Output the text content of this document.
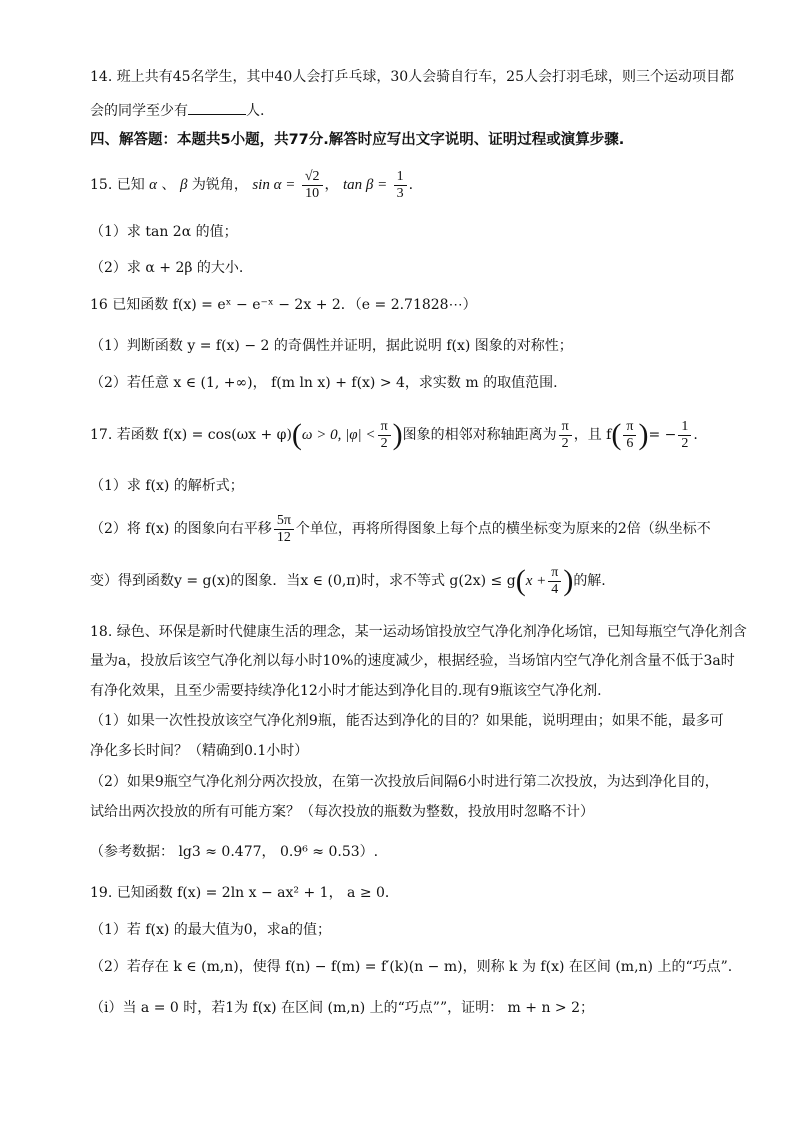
14. 班上共有45名学生，其中40人会打乒乓球，30人会骑自行车，25人会打羽毛球，则三个运动项目都
会的同学至少有	人.
四、解答题：本题共5小题，共77分.解答时应写出文字说明、证明过程或演算步骤.
15. 已知 α 、 β 为锐角， $\sin \alpha = \frac{√2}{10}$ ， $\tan \beta = \frac{1}{3}$ .
（1）求 tan 2α 的值；
（2）求 α + 2β 的大小.
16 已知函数 f(x) = eˣ − e⁻ˣ − 2x + 2．（e = 2.71828⋯）
（1）判断函数 y = f(x) − 2 的奇偶性并证明，据此说明 f(x) 图象的对称性；
（2）若任意 x ∈ (1, +∞)， f(m ln x) + f(x) > 4，求实数 m 的取值范围.
17. 若函数 f(x) = cos(ωx + φ)(ω > 0, $|\varphi| < \frac{\pi}{2}$ )图象的相邻对称轴距离为 $\frac{\pi}{2}$ ，且 $f( \frac{\pi}{6}$ )= − $\frac{1}{2}$ .
（1）求 f(x) 的解析式；
（2）将 f(x) 的图象向右平移 $\frac{5\pi}{12}$ 个单位，再将所得图象上每个点的横坐标变为原来的2倍（纵坐标不
变）得到函数y = g(x)的图象．当x ∈ (0,π)时，求不等式 $g(2x) \le g(x + \frac{\pi}{4}$ )的解.
18. 绿色、环保是新时代健康生活的理念，某一运动场馆投放空气净化剂净化场馆，已知每瓶空气净化剂含
量为a，投放后该空气净化剂以每小时10%的速度减少，根据经验，当场馆内空气净化剂含量不低于3a时
有净化效果，且至少需要持续净化12小时才能达到净化目的.现有9瓶该空气净化剂.
（1）如果一次性投放该空气净化剂9瓶，能否达到净化的目的？如果能，说明理由；如果不能，最多可
净化多长时间？（精确到0.1小时）
（2）如果9瓶空气净化剂分两次投放，在第一次投放后间隔6小时进行第二次投放，为达到净化目的，
试给出两次投放的所有可能方案？（每次投放的瓶数为整数，投放用时忽略不计）
（参考数据： lg3 ≈ 0.477， 0.9⁶ ≈ 0.53）.
19. 已知函数 f(x) = 2ln x − ax² + 1， a ≥ 0．
（1）若 f(x) 的最大值为0，求a的值；
（2）若存在 k ∈ (m,n)，使得 f(n) − f(m) = f′(k)(n − m)，则称 k 为 f(x) 在区间 (m,n) 上的“巧点”.
（i）当 a = 0 时，若1为 f(x) 在区间 (m,n) 上的“巧点””，证明： m + n > 2；
